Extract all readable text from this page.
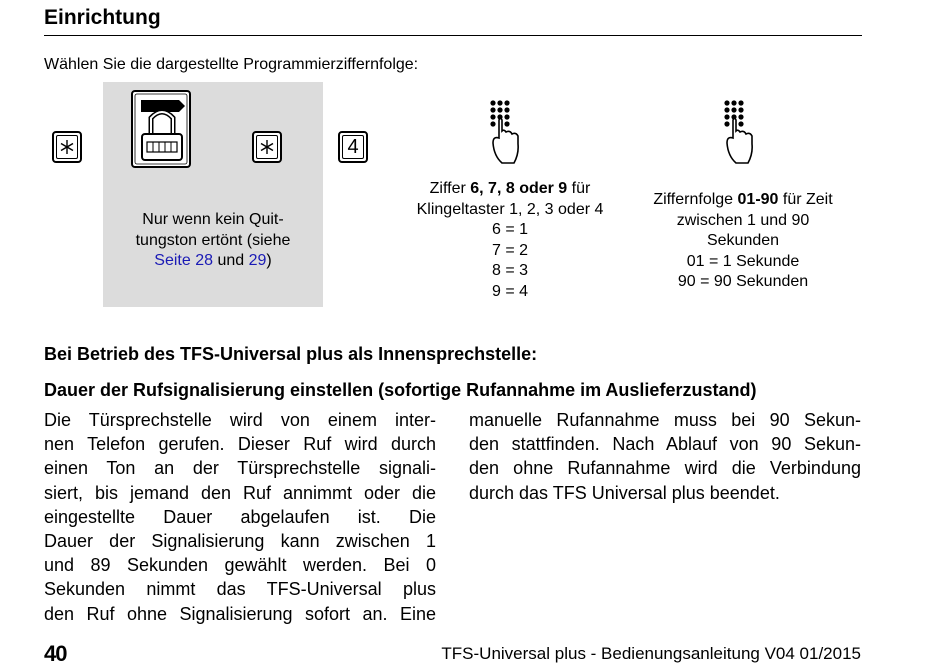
Einrichtung
Wählen Sie die dargestellte Programmierziffernfolge:
4
Nur wenn kein Quit-
tungston ertönt (siehe
Seite 28 und 29)
Ziffer 6, 7, 8 oder 9 für
Klingeltaster 1, 2, 3 oder 4
6 = 1
7 = 2
8 = 3
9 = 4
Ziffernfolge 01-90 für Zeit
zwischen 1 und 90
Sekunden
01 = 1 Sekunde
90 = 90 Sekunden
Bei Betrieb des TFS-Universal plus als Innensprechstelle:
Dauer der Rufsignalisierung einstellen (sofortige Rufannahme im Auslieferzustand)
Die Türsprechstelle wird von einem inter-
nen Telefon gerufen. Dieser Ruf wird durch
einen Ton an der Türsprechstelle signali-
siert, bis jemand den Ruf annimmt oder die
eingestellte Dauer abgelaufen ist. Die
Dauer der Signalisierung kann zwischen 1
und 89 Sekunden gewählt werden. Bei 0
Sekunden nimmt das TFS-Universal plus
den Ruf ohne Signalisierung sofort an. Eine
manuelle Rufannahme muss bei 90 Sekun-
den stattfinden. Nach Ablauf von 90 Sekun-
den ohne Rufannahme wird die Verbindung
durch das TFS Universal plus beendet.
40	TFS-Universal plus - Bedienungsanleitung V04 01/2015
